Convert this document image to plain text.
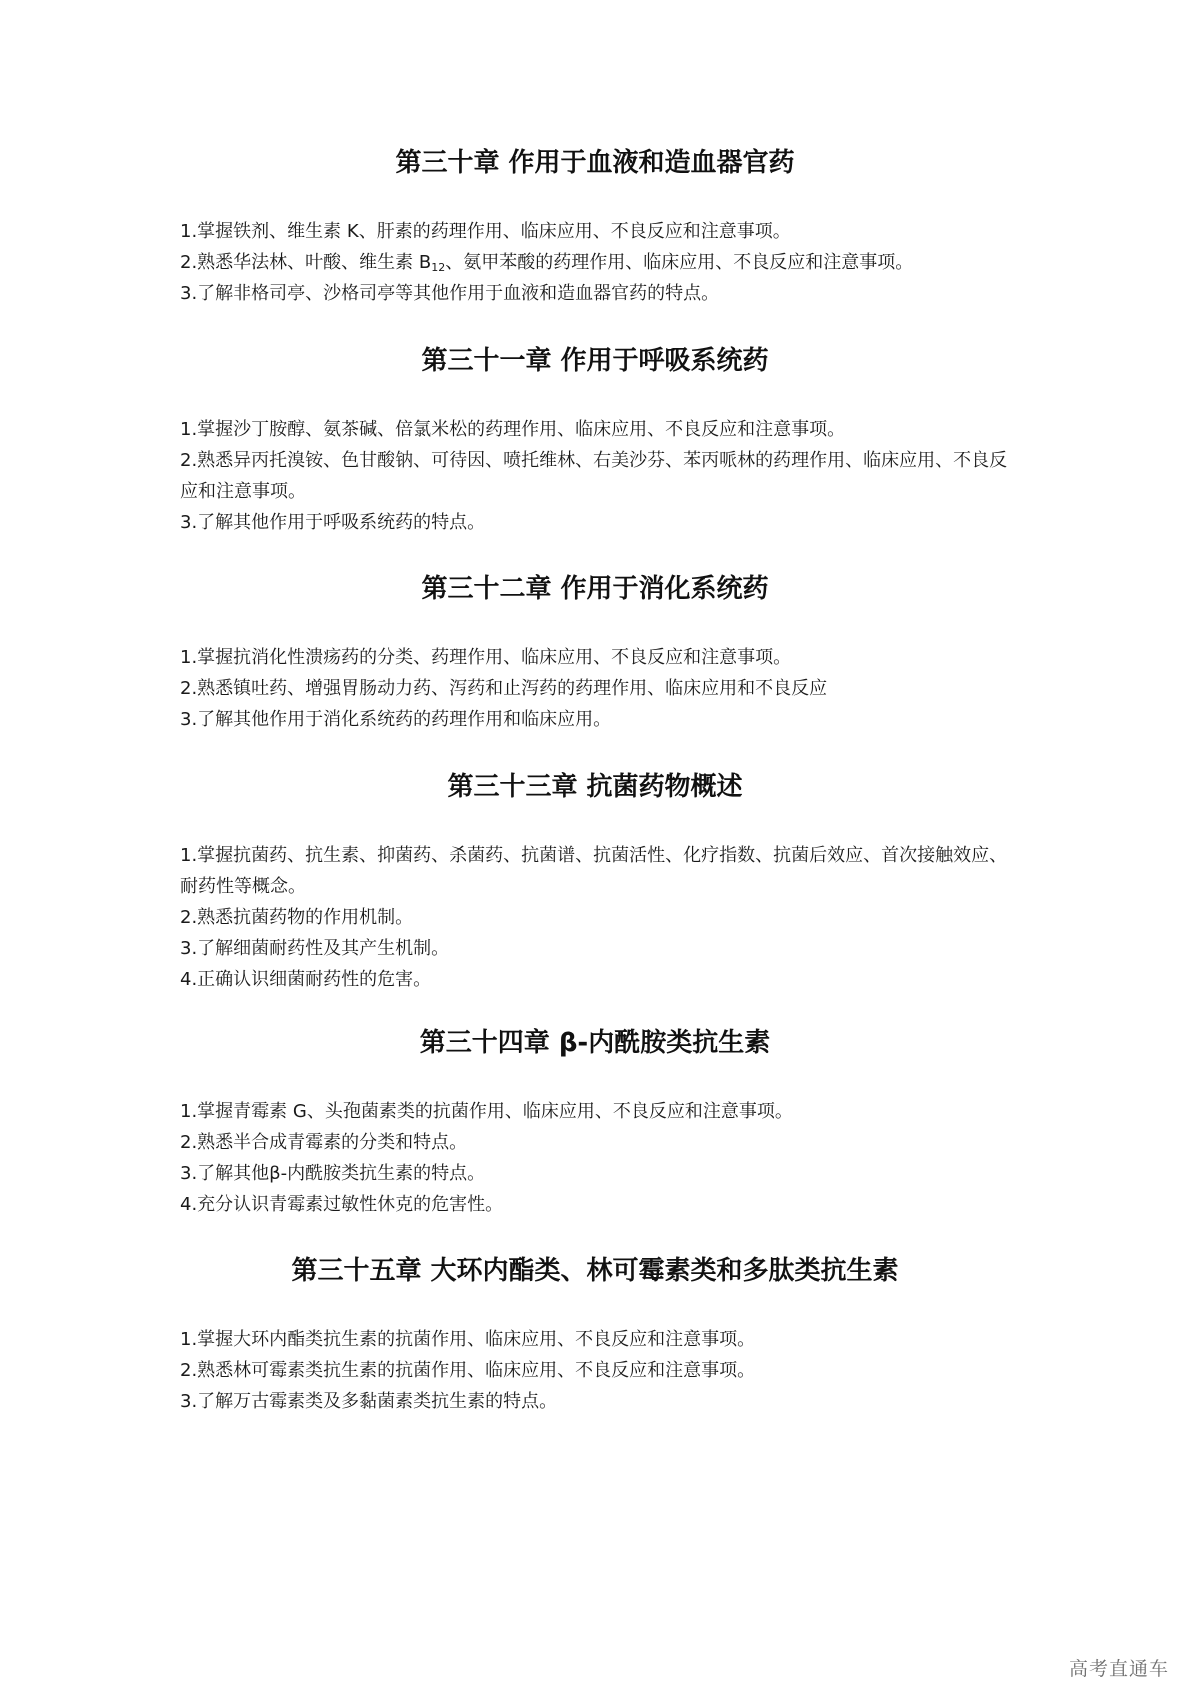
第三十章 作用于血液和造血器官药

1.掌握铁剂、维生素 K、肝素的药理作用、临床应用、不良反应和注意事项。

2.熟悉华法林、叶酸、维生素 $B_{12}$、氨甲苯酸的药理作用、临床应用、不良反应和注意事项。

3.了解非格司亭、沙格司亭等其他作用于血液和造血器官药的特点。

第三十一章 作用于呼吸系统药

1.掌握沙丁胺醇、氨茶碱、倍氯米松的药理作用、临床应用、不良反应和注意事项。

2.熟悉异丙托溴铵、色甘酸钠、可待因、喷托维林、右美沙芬、苯丙哌林的药理作用、临床应用、不良反应和注意事项。

3.了解其他作用于呼吸系统药的特点。

第三十二章 作用于消化系统药

1.掌握抗消化性溃疡药的分类、药理作用、临床应用、不良反应和注意事项。

2.熟悉镇吐药、增强胃肠动力药、泻药和止泻药的药理作用、临床应用和不良反应

3.了解其他作用于消化系统药的药理作用和临床应用。

第三十三章 抗菌药物概述

1.掌握抗菌药、抗生素、抑菌药、杀菌药、抗菌谱、抗菌活性、化疗指数、抗菌后效应、首次接触效应、耐药性等概念。

2.熟悉抗菌药物的作用机制。

3.了解细菌耐药性及其产生机制。

4.正确认识细菌耐药性的危害。

第三十四章 β-内酰胺类抗生素

1.掌握青霉素 G、头孢菌素类的抗菌作用、临床应用、不良反应和注意事项。

2.熟悉半合成青霉素的分类和特点。

3.了解其他β-内酰胺类抗生素的特点。

4.充分认识青霉素过敏性休克的危害性。

第三十五章 大环内酯类、林可霉素类和多肽类抗生素

1.掌握大环内酯类抗生素的抗菌作用、临床应用、不良反应和注意事项。

2.熟悉林可霉素类抗生素的抗菌作用、临床应用、不良反应和注意事项。

3.了解万古霉素类及多黏菌素类抗生素的特点。

高考直通车
